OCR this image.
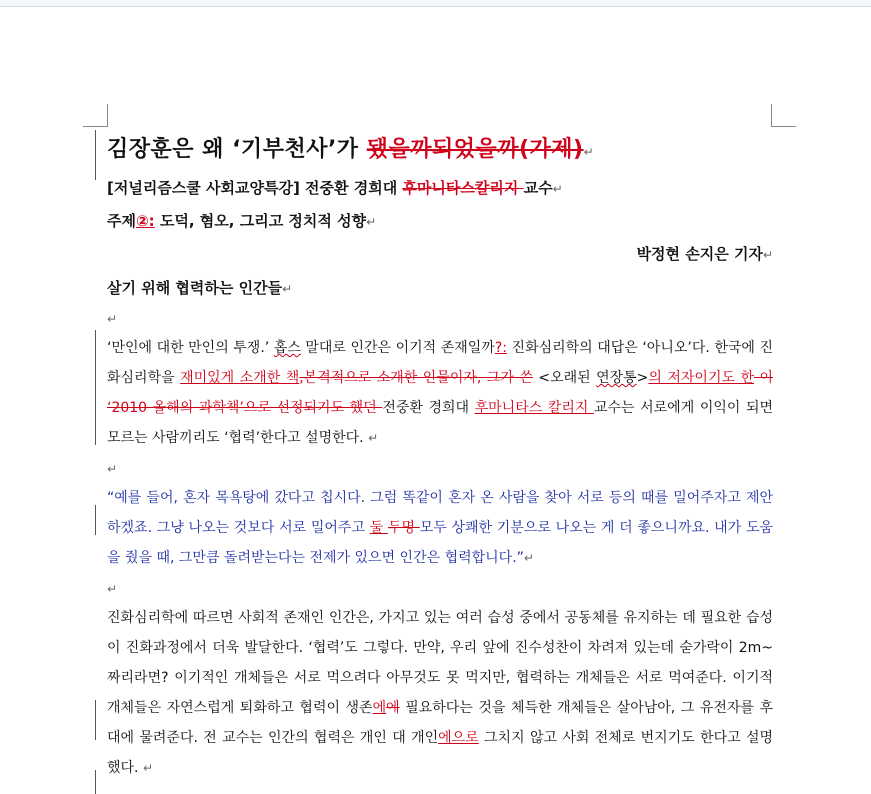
김장훈은 왜 ‘기부천사’가 됐을까되었을까(가제)↵
[저널리즘스쿨 사회교양특강] 전중환 경희대 후마니타스칼리지 교수↵
주제②: 도덕, 혐오, 그리고 정치적 성향↵
박정현 손지은 기자↵
살기 위해 협력하는 인간들↵
↵
‘만인에 대한 만인의 투쟁.’ 홉스 말대로 인간은 이기적 존재일까?: 진화심리학의 대답은 ‘아니오’다. 한국에 진화심리학을 재미있게 소개한 책,본격적으로 소개한 인물이자, 그가 쓴 <오래된 연장통>의 저자이기도 한 이 ‘2010 올해의 과학책’으로 선정되기도 했던 전중환 경희대 후마니타스 칼리지 교수는 서로에게 이익이 되면 모르는 사람끼리도 ‘협력’한다고 설명한다. ↵
↵
“예를 들어, 혼자 목욕탕에 갔다고 칩시다. 그럼 똑같이 혼자 온 사람을 찾아 서로 등의 때를 밀어주자고 제안하겠죠. 그냥 나오는 것보다 서로 밀어주고 둘 두명 모두 상쾌한 기분으로 나오는 게 더 좋으니까요. 내가 도움을 줬을 때, 그만큼 돌려받는다는 전제가 있으면 인간은 협력합니다.”↵
↵
진화심리학에 따르면 사회적 존재인 인간은, 가지고 있는 여러 습성 중에서 공동체를 유지하는 데 필요한 습성이 진화과정에서 더욱 발달한다. ‘협력’도 그렇다. 만약, 우리 앞에 진수성찬이 차려져 있는데 숟가락이 2m~짜리라면? 이기적인 개체들은 서로 먹으려다 아무것도 못 먹지만, 협력하는 개체들은 서로 먹여준다. 이기적 개체들은 자연스럽게 퇴화하고 협력이 생존에에 필요하다는 것을 체득한 개체들은 살아남아, 그 유전자를 후대에 물려준다. 전 교수는 인간의 협력은 개인 대 개인에으로 그치지 않고 사회 전체로 번지기도 한다고 설명했다. ↵
